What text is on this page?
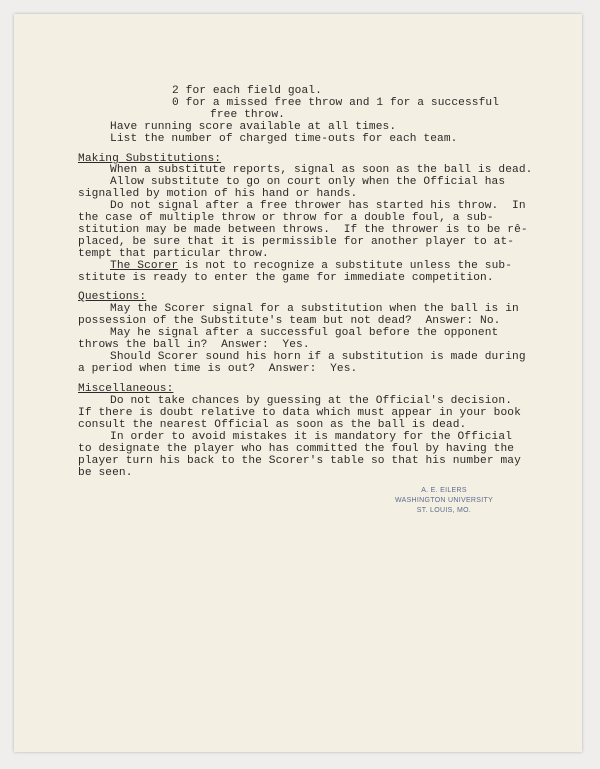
2 for each field goal.

0 for a missed free throw and 1 for a successful

free throw.

Have running score available at all times.

List the number of charged time-outs for each team.

Making Substitutions:

When a substitute reports, signal as soon as the ball is dead.

Allow substitute to go on court only when the Official has

signalled by motion of his hand or hands.

Do not signal after a free thrower has started his throw.  In

the case of multiple throw or throw for a double foul, a sub-

stitution may be made between throws.  If the thrower is to be rê-

placed, be sure that it is permissible for another player to at-

tempt that particular throw.

The Scorer is not to recognize a substitute unless the sub-

stitute is ready to enter the game for immediate competition.

Questions:

May the Scorer signal for a substitution when the ball is in

possession of the Substitute's team but not dead?  Answer: No.

May he signal after a successful goal before the opponent

throws the ball in?  Answer:  Yes.

Should Scorer sound his horn if a substitution is made during

a period when time is out?  Answer:  Yes.

Miscellaneous:

Do not take chances by guessing at the Official's decision.

If there is doubt relative to data which must appear in your book

consult the nearest Official as soon as the ball is dead.

In order to avoid mistakes it is mandatory for the Official

to designate the player who has committed the foul by having the

player turn his back to the Scorer's table so that his number may

be seen.

A. E. EILERS
WASHINGTON UNIVERSITY
ST. LOUIS, MO.
